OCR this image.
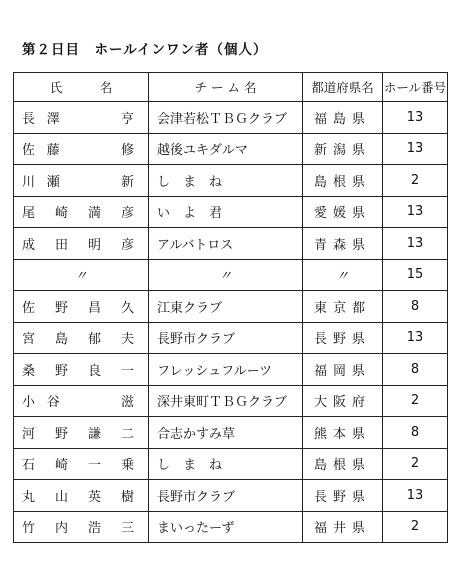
第２日目　ホールインワン者（個人）
氏　　　名	チ ー ム 名	都道府県名	ホール番号
長澤　　亨	会津若松ＴＢＧクラブ	福島県	13
佐藤　　修	越後ユキダルマ	新潟県	13
川瀬　　新	し　ま　ね	島根県	2
尾崎満彦	い　よ　君	愛媛県	13
成田明彦	アルバトロス	青森県	13
〃	〃	〃	15
佐野昌久	江東クラブ	東京都	8
宮島郁夫	長野市クラブ	長野県	13
桑野良一	フレッシュフルーツ	福岡県	8
小谷　　滋	深井東町ＴＢＧクラブ	大阪府	2
河野謙二	合志かすみ草	熊本県	8
石崎一乗	し　ま　ね	島根県	2
丸山英樹	長野市クラブ	長野県	13
竹内浩三	まいったーず	福井県	2
